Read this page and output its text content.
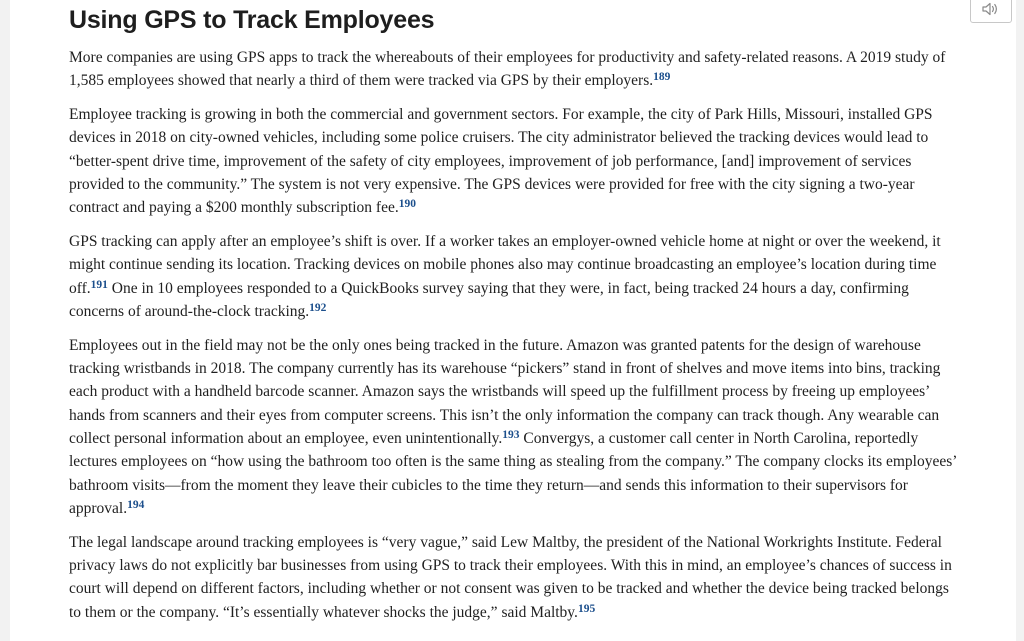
Using GPS to Track Employees

More companies are using GPS apps to track the whereabouts of their employees for productivity and safety-related reasons. A 2019 study of 1,585 employees showed that nearly a third of them were tracked via GPS by their employers.$^{189}$

Employee tracking is growing in both the commercial and government sectors. For example, the city of Park Hills, Missouri, installed GPS devices in 2018 on city-owned vehicles, including some police cruisers. The city administrator believed the tracking devices would lead to “better-spent drive time, improvement of the safety of city employees, improvement of job performance, [and] improvement of services provided to the community.” The system is not very expensive. The GPS devices were provided for free with the city signing a two-year contract and paying a $200 monthly subscription fee.$^{190}$

GPS tracking can apply after an employee’s shift is over. If a worker takes an employer-owned vehicle home at night or over the weekend, it might continue sending its location. Tracking devices on mobile phones also may continue broadcasting an employee’s location during time off.$^{191}$ One in 10 employees responded to a QuickBooks survey saying that they were, in fact, being tracked 24 hours a day, confirming concerns of around-the-clock tracking.$^{192}$

Employees out in the field may not be the only ones being tracked in the future. Amazon was granted patents for the design of warehouse tracking wristbands in 2018. The company currently has its warehouse “pickers” stand in front of shelves and move items into bins, tracking each product with a handheld barcode scanner. Amazon says the wristbands will speed up the fulfillment process by freeing up employees’ hands from scanners and their eyes from computer screens. This isn’t the only information the company can track though. Any wearable can collect personal information about an employee, even unintentionally.$^{193}$ Convergys, a customer call center in North Carolina, reportedly lectures employees on “how using the bathroom too often is the same thing as stealing from the company.” The company clocks its employees’ bathroom visits—from the moment they leave their cubicles to the time they return—and sends this information to their supervisors for approval.$^{194}$

The legal landscape around tracking employees is “very vague,” said Lew Maltby, the president of the National Workrights Institute. Federal privacy laws do not explicitly bar businesses from using GPS to track their employees. With this in mind, an employee’s chances of success in court will depend on different factors, including whether or not consent was given to be tracked and whether the device being tracked belongs to them or the company. “It’s essentially whatever shocks the judge,” said Maltby.$^{195}$
